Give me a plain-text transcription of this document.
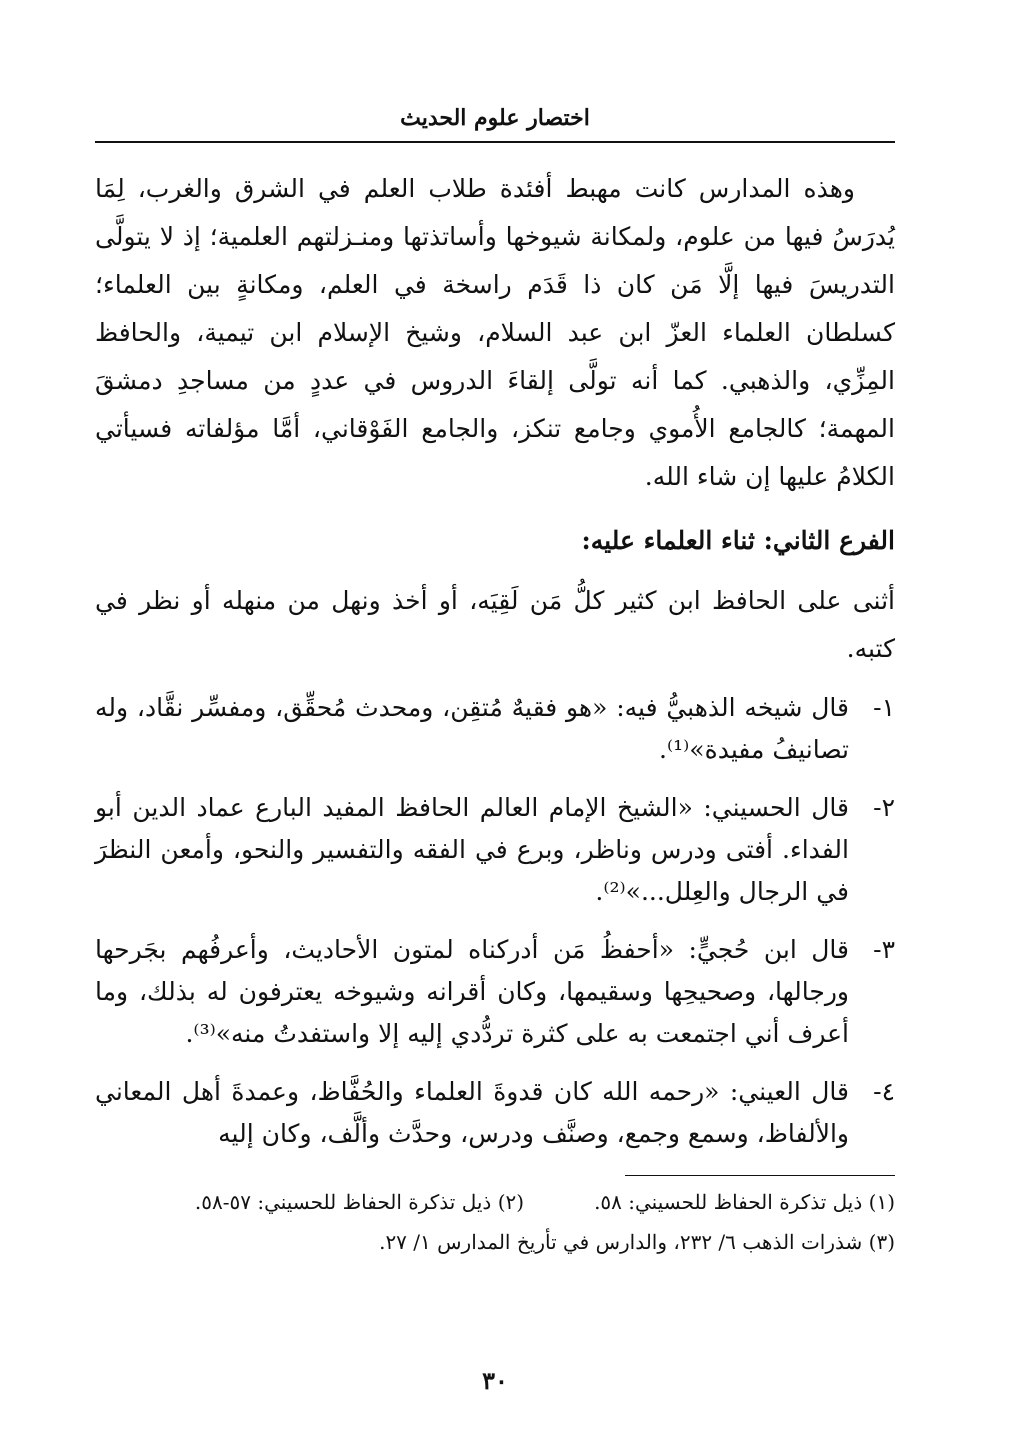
اختصار علوم الحديث

وهذه المدارس كانت مهبط أفئدة طلاب العلم في الشرق والغرب، لِمَا يُدرَسُ فيها من علوم، ولمكانة شيوخها وأساتذتها ومنـزلتهم العلمية؛ إذ لا يتولَّى التدريسَ فيها إلَّا مَن كان ذا قَدَم راسخة في العلم، ومكانةٍ بين العلماء؛ كسلطان العلماء العزّ ابن عبد السلام، وشيخ الإسلام ابن تيمية، والحافظ المِزِّي، والذهبي. كما أنه تولَّى إلقاءَ الدروس في عددٍ من مساجدِ دمشقَ المهمة؛ كالجامع الأُموي وجامع تنكز، والجامع الفَوْقاني، أمَّا مؤلفاته فسيأتي الكلامُ عليها إن شاء الله.

الفرع الثاني: ثناء العلماء عليه:

أثنى على الحافظ ابن كثير كلُّ مَن لَقِيَه، أو أخذ ونهل من منهله أو نظر في كتبه.

١-
قال شيخه الذهبيُّ فيه: «هو فقيهٌ مُتقِن، ومحدث مُحقِّق، ومفسِّر نقَّاد، وله تصانيفُ مفيدة»⁽¹⁾.
٢-
قال الحسيني: «الشيخ الإمام العالم الحافظ المفيد البارع عماد الدين أبو الفداء. أفتى ودرس وناظر، وبرع في الفقه والتفسير والنحو، وأمعن النظرَ في الرجال والعِلل...»⁽²⁾.
٣-
قال ابن حُجيٍّ: «أحفظُ مَن أدركناه لمتون الأحاديث، وأعرفُهم بجَرحها ورجالها، وصحيحِها وسقيمها، وكان أقرانه وشيوخه يعترفون له بذلك، وما أعرف أني اجتمعت به على كثرة تردُّدي إليه إلا واستفدتُ منه»⁽³⁾.
٤-
قال العيني: «رحمه الله كان قدوةَ العلماء والحُفَّاظ، وعمدةَ أهل المعاني والألفاظ، وسمع وجمع، وصنَّف ودرس، وحدَّث وألَّف، وكان إليه
(١) ذيل تذكرة الحفاظ للحسيني: ٥٨.
(٢) ذيل تذكرة الحفاظ للحسيني: ٥٧-٥٨.
(٣) شذرات الذهب ٦/ ٢٣٢، والدارس في تأريخ المدارس ١/ ٢٧.
٣٠
